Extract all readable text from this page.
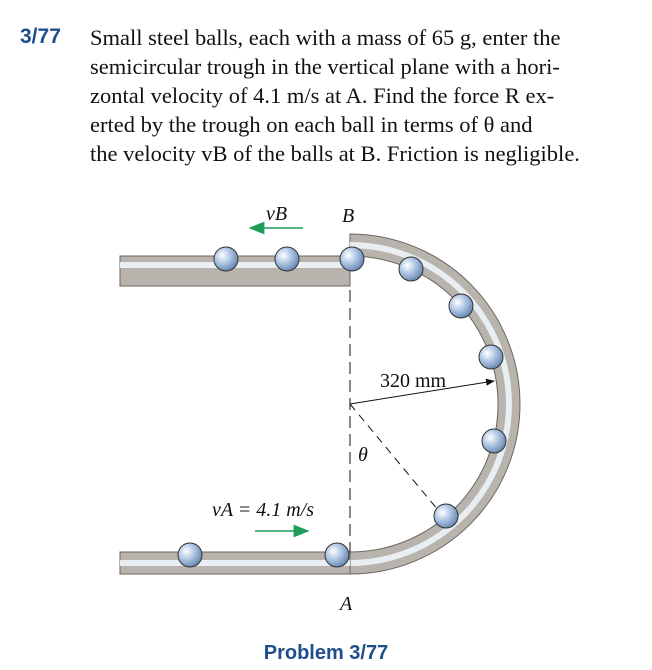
3/77 Small steel balls, each with a mass of 65 g, enter the
semicircular trough in the vertical plane with a hori-
zontal velocity of 4.1 m/s at A. Find the force R ex-
erted by the trough on each ball in terms of θ and
the velocity vB of the balls at B. Friction is negligible.
vB	B
320 mm
θ
vA = 4.1 m/s
A
Problem 3/77
